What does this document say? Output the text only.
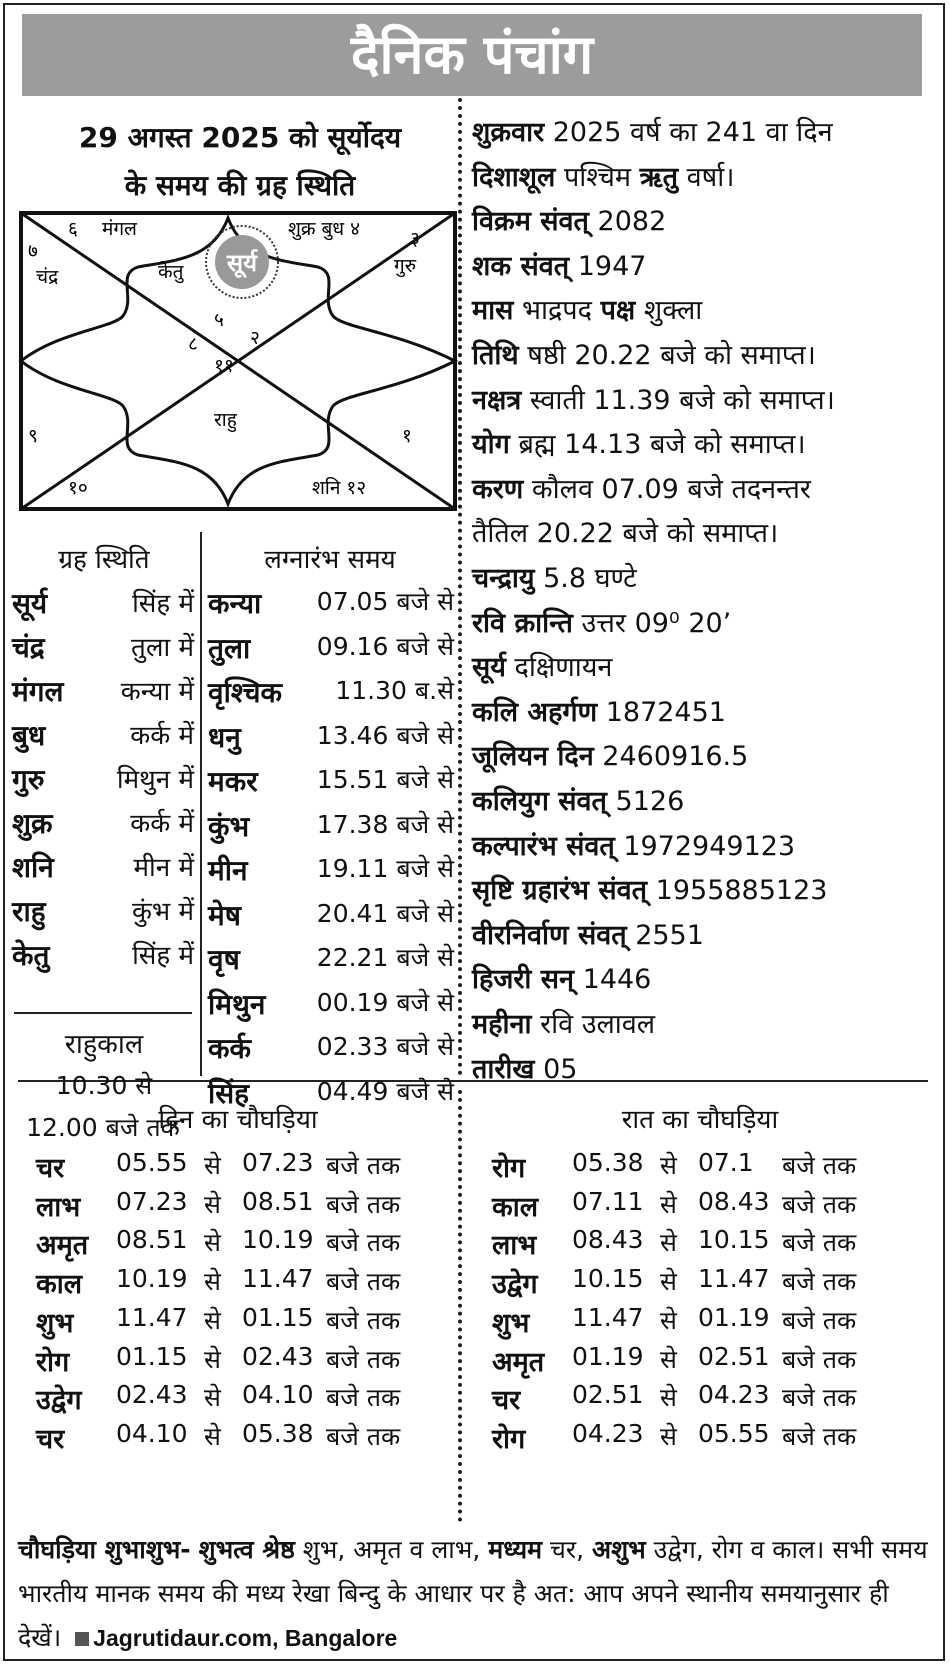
दैनिक पंचांग
29 अगस्त 2025 को सूर्योदय
के समय की ग्रह स्थिति
सूर्य
६ मंगल	शुक्र बुध ४
७
चंद्र	केतु
३
गुरु
५
८	२
११
राहु
९	१
१०	शनि १२
ग्रह स्थिति
सूर्य	सिंह में
चंद्र	तुला में
मंगल	कन्या में
बुध	कर्क में
गुरु	मिथुन में
शुक्र	कर्क में
शनि	मीन में
राहु	कुंभ में
केतु	सिंह में
राहुकाल
10.30 से
12.00 बजे तक
लग्नारंभ समय
कन्या	07.05 बजे से
तुला	09.16 बजे से
वृश्चिक	11.30 ब.से
धनु	13.46 बजे से
मकर	15.51 बजे से
कुंभ	17.38 बजे से
मीन	19.11 बजे से
मेष	20.41 बजे से
वृष	22.21 बजे से
मिथुन	00.19 बजे से
कर्क	02.33 बजे से
सिंह	04.49 बजे से
शुक्रवार 2025 वर्ष का 241 वा दिन
दिशाशूल पश्चिम ऋतु वर्षा।
विक्रम संवत् 2082
शक संवत् 1947
मास भाद्रपद पक्ष शुक्ला
तिथि षष्ठी 20.22 बजे को समाप्त।
नक्षत्र स्वाती 11.39 बजे को समाप्त।
योग ब्रह्म 14.13 बजे को समाप्त।
करण कौलव 07.09 बजे तदनन्तर
तैतिल 20.22 बजे को समाप्त।
चन्द्रायु 5.8 घण्टे
रवि क्रान्ति उत्तर 09⁰ 20’
सूर्य दक्षिणायन
कलि अहर्गण 1872451
जूलियन दिन 2460916.5
कलियुग संवत् 5126
कल्पारंभ संवत् 1972949123
सृष्टि ग्रहारंभ संवत् 1955885123
वीरनिर्वाण संवत् 2551
हिजरी सन् 1446
महीना रवि उलावल
तारीख 05
दिन का चौघड़िया	रात का चौघड़िया
चर 05.55 से 07.23 बजे तक
लाभ 07.23 से 08.51 बजे तक
अमृत 08.51 से 10.19 बजे तक
काल 10.19 से 11.47 बजे तक
शुभ 11.47 से 01.15 बजे तक
रोग 01.15 से 02.43 बजे तक
उद्वेग 02.43 से 04.10 बजे तक
चर 04.10 से 05.38 बजे तक
रोग 05.38 से 07.1 बजे तक
काल 07.11 से 08.43 बजे तक
लाभ 08.43 से 10.15 बजे तक
उद्वेग 10.15 से 11.47 बजे तक
शुभ 11.47 से 01.19 बजे तक
अमृत 01.19 से 02.51 बजे तक
चर 02.51 से 04.23 बजे तक
रोग 04.23 से 05.55 बजे तक
चौघड़िया शुभाशुभ- शुभत्व श्रेष्ठ शुभ, अमृत व लाभ, मध्यम चर, अशुभ उद्वेग, रोग व काल। सभी समय भारतीय मानक समय की मध्य रेखा बिन्दु के आधार पर है अत: आप अपने स्थानीय समयानुसार ही देखें। Jagrutidaur.com, Bangalore
